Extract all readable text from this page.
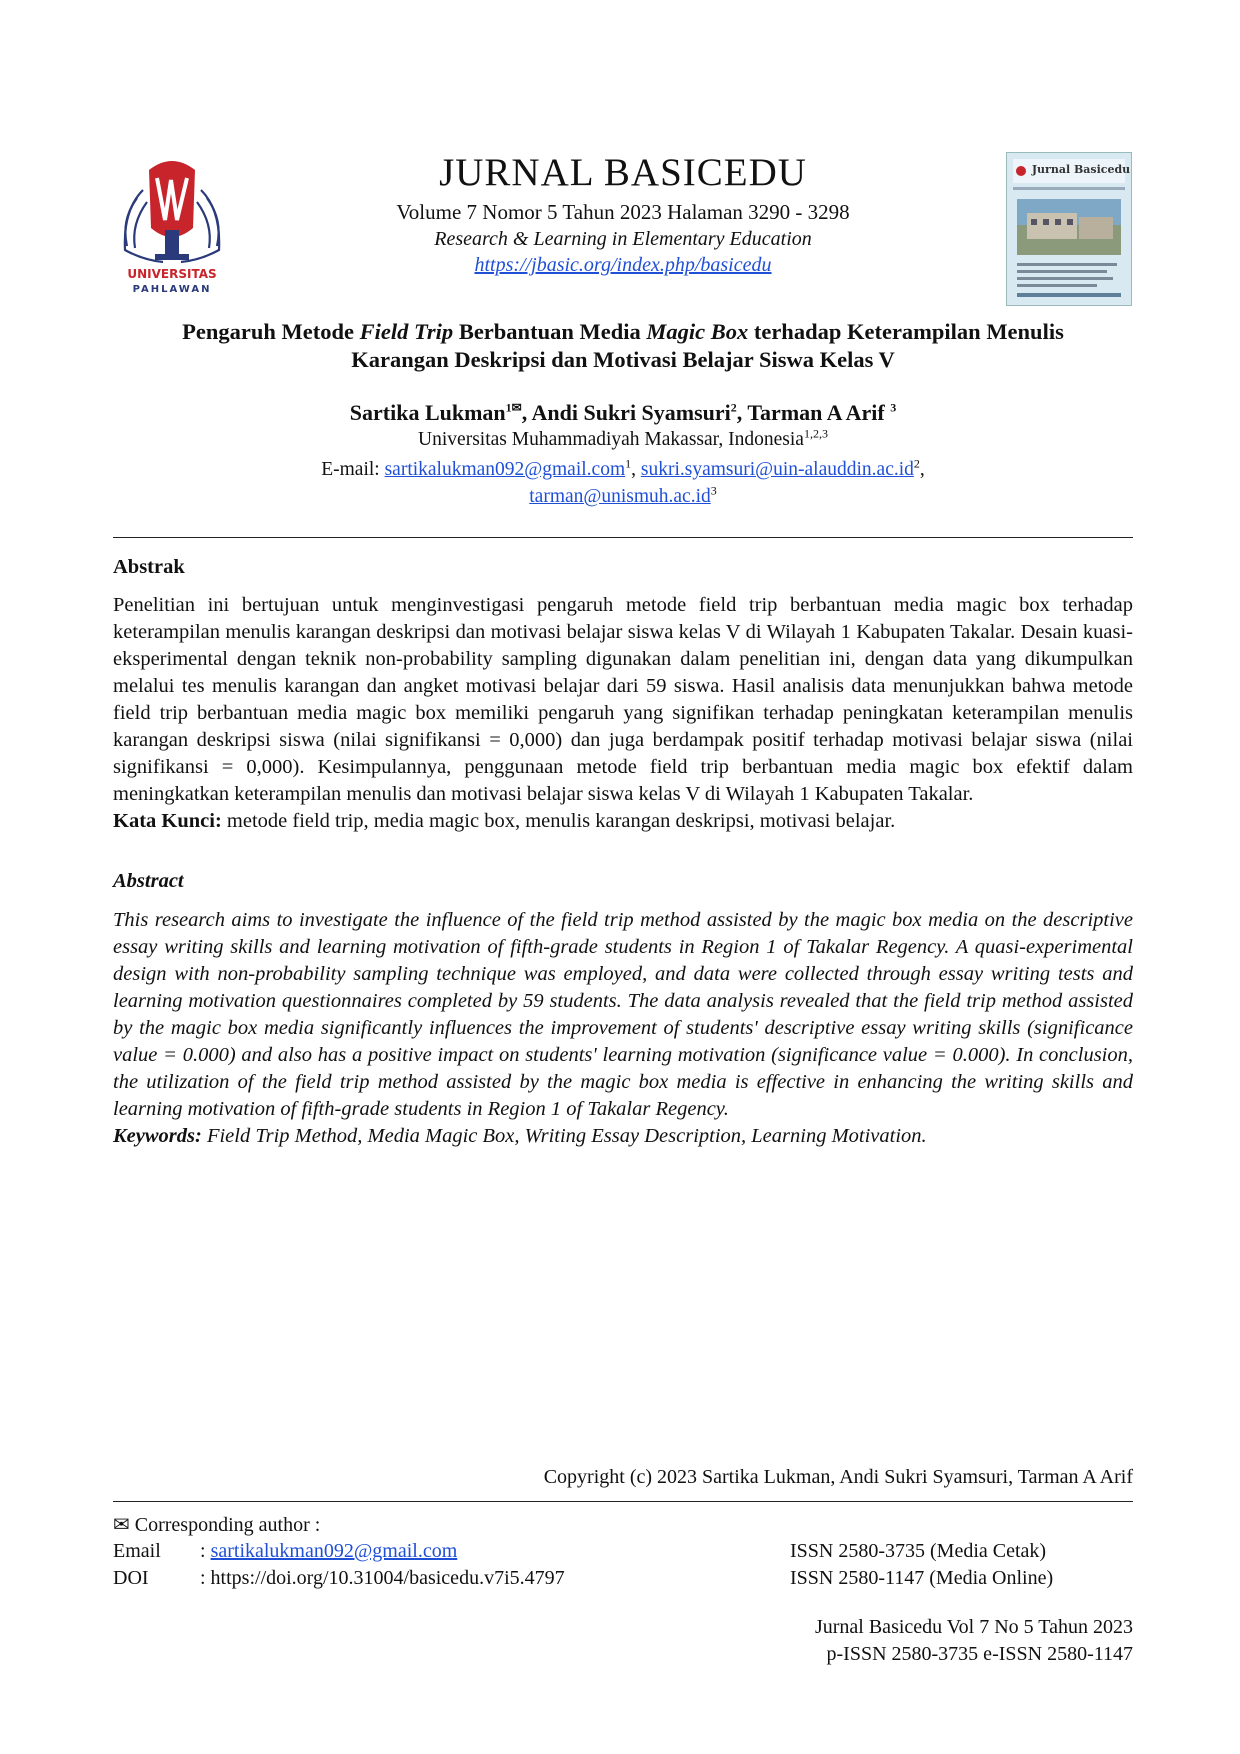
UNIVERSITAS
PAHLAWAN
JURNAL BASICEDU
Volume 7 Nomor 5 Tahun 2023 Halaman 3290 - 3298
Research & Learning in Elementary Education
https://jbasic.org/index.php/basicedu
Jurnal Basicedu
Pengaruh Metode Field Trip Berbantuan Media Magic Box terhadap Keterampilan Menulis
Karangan Deskripsi dan Motivasi Belajar Siswa Kelas V
Sartika Lukman$^{1✉}$, Andi Sukri Syamsuri$^2$, Tarman A Arif $^3$
Universitas Muhammadiyah Makassar, Indonesia$^{1,2,3}$
E-mail: sartikalukman092@gmail.com$^1$, $sukri.syamsuri@uin-alauddin.ac.id^2$,
$tarman@unismuh.ac.id^3$
Abstrak
Penelitian ini bertujuan untuk menginvestigasi pengaruh metode field trip berbantuan media magic box terhadap keterampilan menulis karangan deskripsi dan motivasi belajar siswa kelas V di Wilayah 1 Kabupaten Takalar. Desain kuasi-eksperimental dengan teknik non-probability sampling digunakan dalam penelitian ini, dengan data yang dikumpulkan melalui tes menulis karangan dan angket motivasi belajar dari 59 siswa. Hasil analisis data menunjukkan bahwa metode field trip berbantuan media magic box memiliki pengaruh yang signifikan terhadap peningkatan keterampilan menulis karangan deskripsi siswa (nilai signifikansi = 0,000) dan juga berdampak positif terhadap motivasi belajar siswa (nilai signifikansi = 0,000). Kesimpulannya, penggunaan metode field trip berbantuan media magic box efektif dalam meningkatkan keterampilan menulis dan motivasi belajar siswa kelas V di Wilayah 1 Kabupaten Takalar.
Kata Kunci: metode field trip, media magic box, menulis karangan deskripsi, motivasi belajar.
Abstract
This research aims to investigate the influence of the field trip method assisted by the magic box media on the descriptive essay writing skills and learning motivation of fifth-grade students in Region 1 of Takalar Regency. A quasi-experimental design with non-probability sampling technique was employed, and data were collected through essay writing tests and learning motivation questionnaires completed by 59 students. The data analysis revealed that the field trip method assisted by the magic box media significantly influences the improvement of students' descriptive essay writing skills (significance value = 0.000) and also has a positive impact on students' learning motivation (significance value = 0.000). In conclusion, the utilization of the field trip method assisted by the magic box media is effective in enhancing the writing skills and learning motivation of fifth-grade students in Region 1 of Takalar Regency.
Keywords: Field Trip Method, Media Magic Box, Writing Essay Description, Learning Motivation.
Copyright (c) 2023 Sartika Lukman, Andi Sukri Syamsuri, Tarman A Arif
✉ Corresponding author :
Email : sartikalukman092@gmail.com	ISSN 2580-3735 (Media Cetak)
DOI	: https://doi.org/10.31004/basicedu.v7i5.4797	ISSN 2580-1147 (Media Online)
Jurnal Basicedu Vol 7 No 5 Tahun 2023
p-ISSN 2580-3735 e-ISSN 2580-1147
